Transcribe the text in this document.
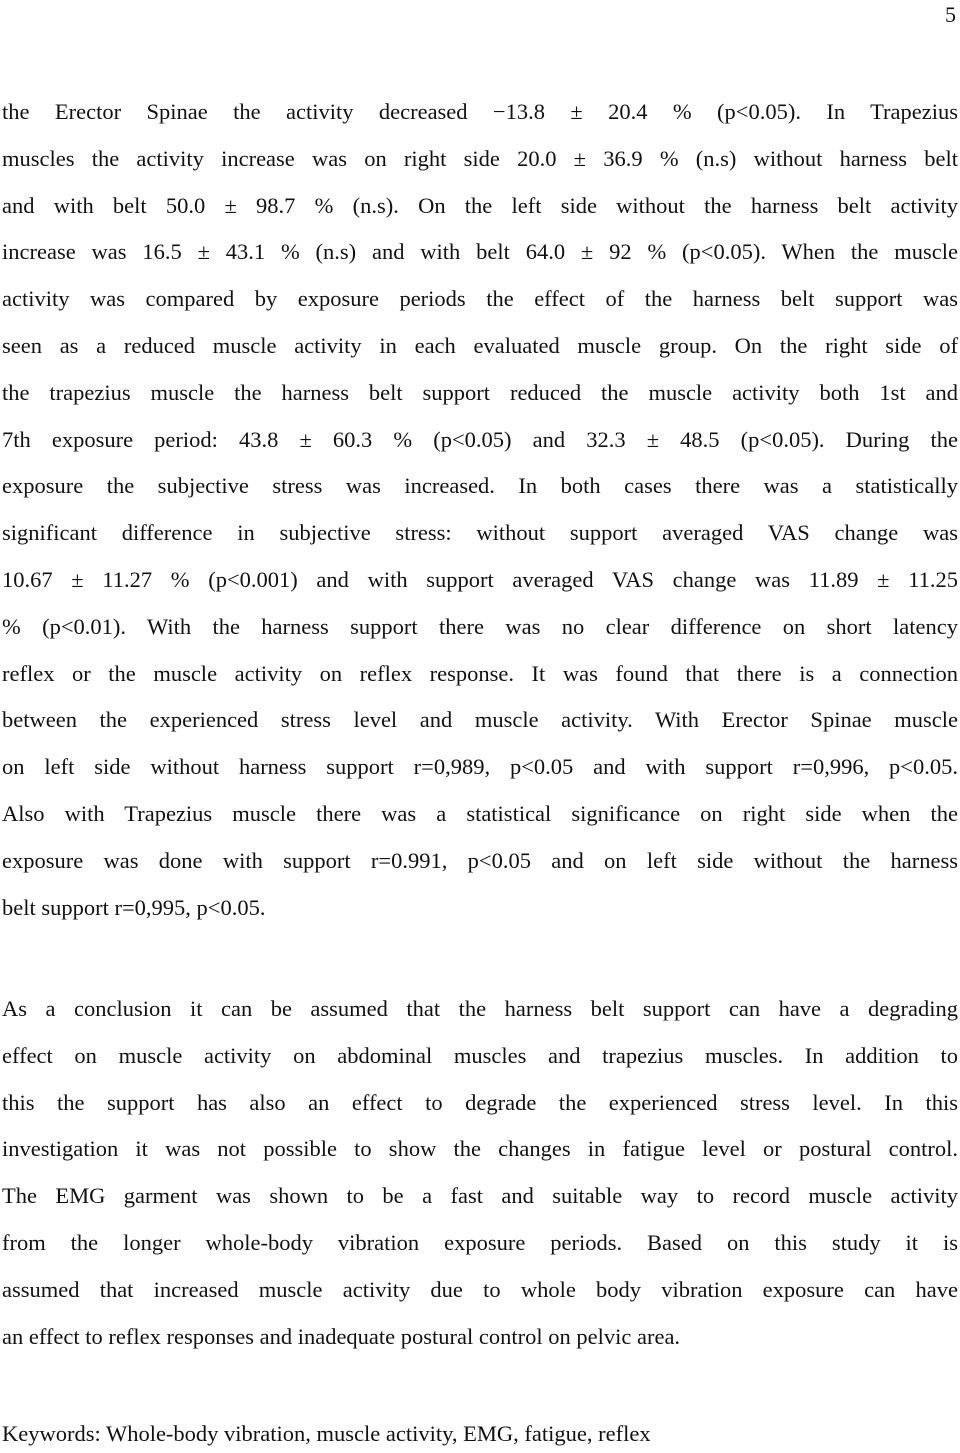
5
the Erector Spinae the activity decreased −13.8 ± 20.4 % (p<0.05). In Trapezius
muscles the activity increase was on right side 20.0 ± 36.9 % (n.s) without harness belt
and with belt 50.0 ± 98.7 % (n.s). On the left side without the harness belt activity
increase was 16.5 ± 43.1 % (n.s) and with belt 64.0 ± 92 % (p<0.05). When the muscle
activity was compared by exposure periods the effect of the harness belt support was
seen as a reduced muscle activity in each evaluated muscle group. On the right side of
the trapezius muscle the harness belt support reduced the muscle activity both 1st and
7th exposure period: 43.8 ± 60.3 % (p<0.05) and 32.3 ± 48.5 (p<0.05). During the
exposure the subjective stress was increased. In both cases there was a statistically
significant difference in subjective stress: without support averaged VAS change was
10.67 ± 11.27 % (p<0.001) and with support averaged VAS change was 11.89 ± 11.25
% (p<0.01). With the harness support there was no clear difference on short latency
reflex or the muscle activity on reflex response. It was found that there is a connection
between the experienced stress level and muscle activity. With Erector Spinae muscle
on left side without harness support r=0,989, p<0.05 and with support r=0,996, p<0.05.
Also with Trapezius muscle there was a statistical significance on right side when the
exposure was done with support r=0.991, p<0.05 and on left side without the harness
belt support r=0,995, p<0.05.
As a conclusion it can be assumed that the harness belt support can have a degrading
effect on muscle activity on abdominal muscles and trapezius muscles. In addition to
this the support has also an effect to degrade the experienced stress level. In this
investigation it was not possible to show the changes in fatigue level or postural control.
The EMG garment was shown to be a fast and suitable way to record muscle activity
from the longer whole-body vibration exposure periods. Based on this study it is
assumed that increased muscle activity due to whole body vibration exposure can have
an effect to reflex responses and inadequate postural control on pelvic area.
Keywords: Whole-body vibration, muscle activity, EMG, fatigue, reflex
